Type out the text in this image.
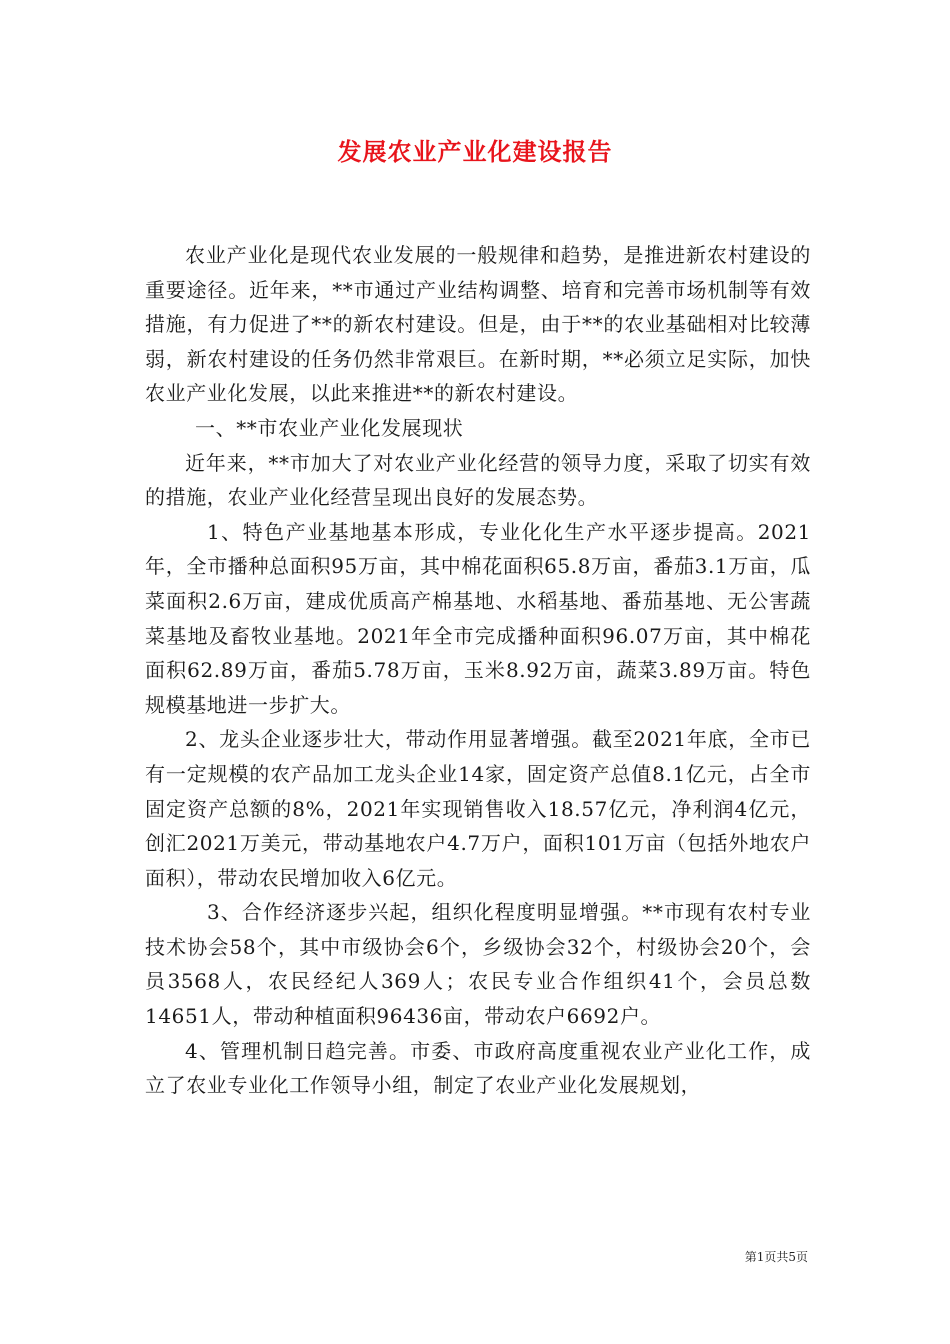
发展农业产业化建设报告

农业产业化是现代农业发展的一般规律和趋势，是推进新农村建设的重要途径。近年来，**市通过产业结构调整、培育和完善市场机制等有效措施，有力促进了**的新农村建设。但是，由于**的农业基础相对比较薄弱，新农村建设的任务仍然非常艰巨。在新时期，**必须立足实际，加快农业产业化发展，以此来推进**的新农村建设。

一、**市农业产业化发展现状

近年来，**市加大了对农业产业化经营的领导力度，采取了切实有效的措施，农业产业化经营呈现出良好的发展态势。

1、特色产业基地基本形成，专业化化生产水平逐步提高。2021年，全市播种总面积95万亩，其中棉花面积65.8万亩，番茄3.1万亩，瓜菜面积2.6万亩，建成优质高产棉基地、水稻基地、番茄基地、无公害蔬菜基地及畜牧业基地。2021年全市完成播种面积96.07万亩，其中棉花面积62.89万亩，番茄5.78万亩，玉米8.92万亩，蔬菜3.89万亩。特色规模基地进一步扩大。

2、龙头企业逐步壮大，带动作用显著增强。截至2021年底，全市已有一定规模的农产品加工龙头企业14家，固定资产总值8.1亿元，占全市固定资产总额的8%，2021年实现销售收入18.57亿元，净利润4亿元，创汇2021万美元，带动基地农户4.7万户，面积101万亩（包括外地农户面积），带动农民增加收入6亿元。

3、合作经济逐步兴起，组织化程度明显增强。**市现有农村专业技术协会58个，其中市级协会6个，乡级协会32个，村级协会20个，会员3568人，农民经纪人369人；农民专业合作组织41个，会员总数14651人，带动种植面积96436亩，带动农户6692户。

4、管理机制日趋完善。市委、市政府高度重视农业产业化工作，成立了农业专业化工作领导小组，制定了农业产业化发展规划，

第1页共5页
